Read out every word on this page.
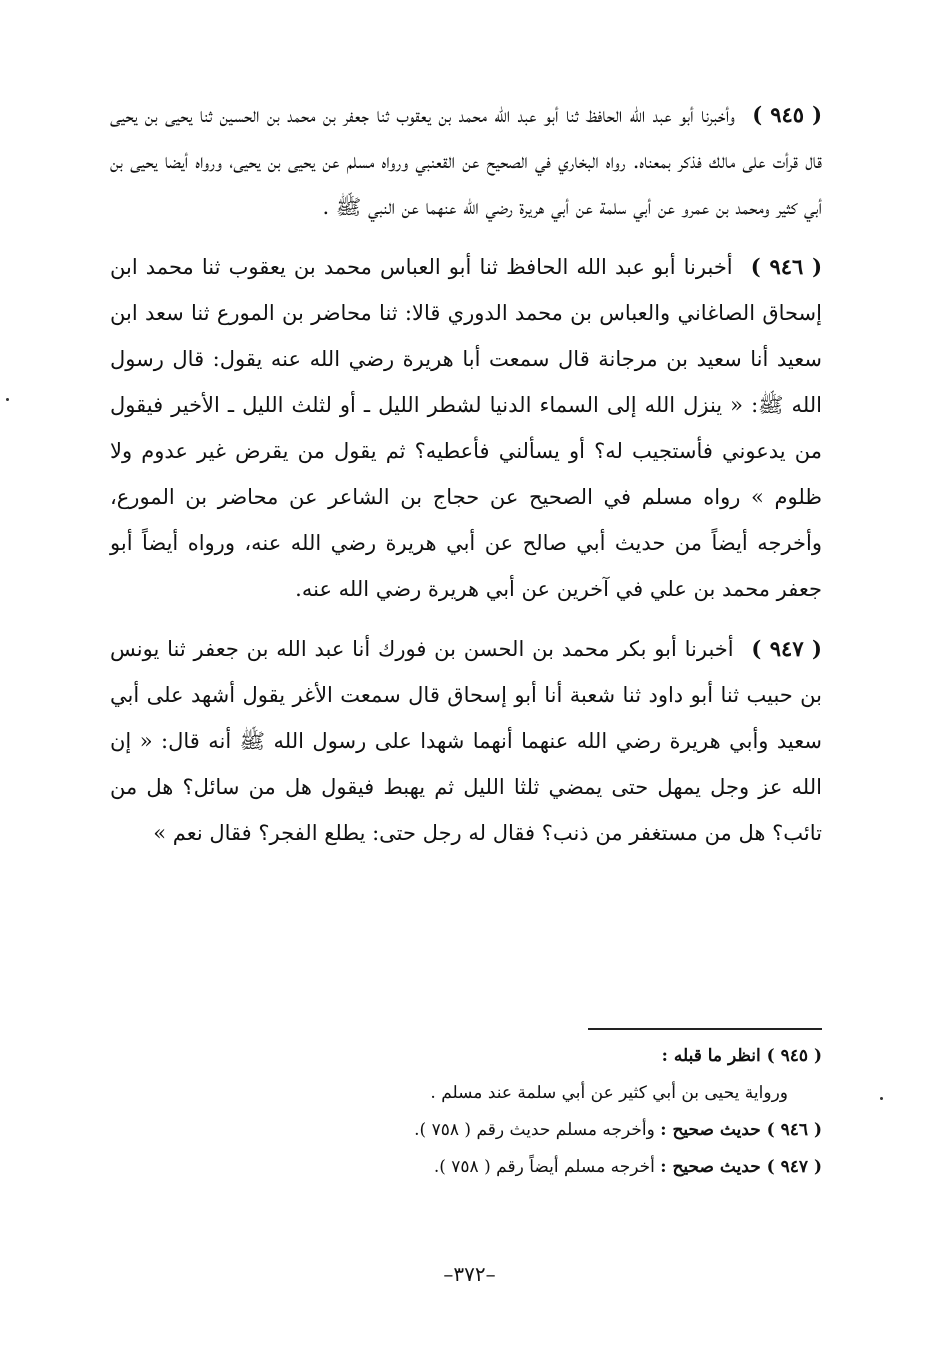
( ٩٤٥ ) وأخبرنا أبو عبد الله الحافظ ثنا أبو عبد الله محمد بن يعقوب ثنا جعفر بن محمد بن الحسين ثنا يحيى بن يحيى قال قرأت على مالك فذكر بمعناه. رواه البخاري في الصحيح عن القعنبي ورواه مسلم عن يحيى بن يحيى، ورواه أيضا يحيى بن أبي كثير ومحمد بن عمرو عن أبي سلمة عن أبي هريرة رضي الله عنهما عن النبي ﷺ .

( ٩٤٦ ) أخبرنا أبو عبد الله الحافظ ثنا أبو العباس محمد بن يعقوب ثنا محمد ابن إسحاق الصاغاني والعباس بن محمد الدوري قالا: ثنا محاضر بن المورع ثنا سعد ابن سعيد أنا سعيد بن مرجانة قال سمعت أبا هريرة رضي الله عنه يقول: قال رسول الله ﷺ: « ينزل الله إلى السماء الدنيا لشطر الليل ـ أو لثلث الليل ـ الأخير فيقول من يدعوني فأستجيب له؟ أو يسألني فأعطيه؟ ثم يقول من يقرض غير عدوم ولا ظلوم » رواه مسلم في الصحيح عن حجاج بن الشاعر عن محاضر بن المورع، وأخرجه أيضاً من حديث أبي صالح عن أبي هريرة رضي الله عنه، ورواه أيضاً أبو جعفر محمد بن علي في آخرين عن أبي هريرة رضي الله عنه.

( ٩٤٧ ) أخبرنا أبو بكر محمد بن الحسن بن فورك أنا عبد الله بن جعفر ثنا يونس بن حبيب ثنا أبو داود ثنا شعبة أنا أبو إسحاق قال سمعت الأغر يقول أشهد على أبي سعيد وأبي هريرة رضي الله عنهما أنهما شهدا على رسول الله ﷺ أنه قال: « إن الله عز وجل يمهل حتى يمضي ثلثا الليل ثم يهبط فيقول هل من سائل؟ هل من تائب؟ هل من مستغفر من ذنب؟ فقال له رجل حتى: يطلع الفجر؟ فقال نعم »

( ٩٤٥ ) انظر ما قبله :

ورواية يحيى بن أبي كثير عن أبي سلمة عند مسلم .

( ٩٤٦ ) حديث صحيح : وأخرجه مسلم حديث رقم ( ٧٥٨ ).

( ٩٤٧ ) حديث صحيح : أخرجه مسلم أيضاً رقم ( ٧٥٨ ).

–٣٧٢–
